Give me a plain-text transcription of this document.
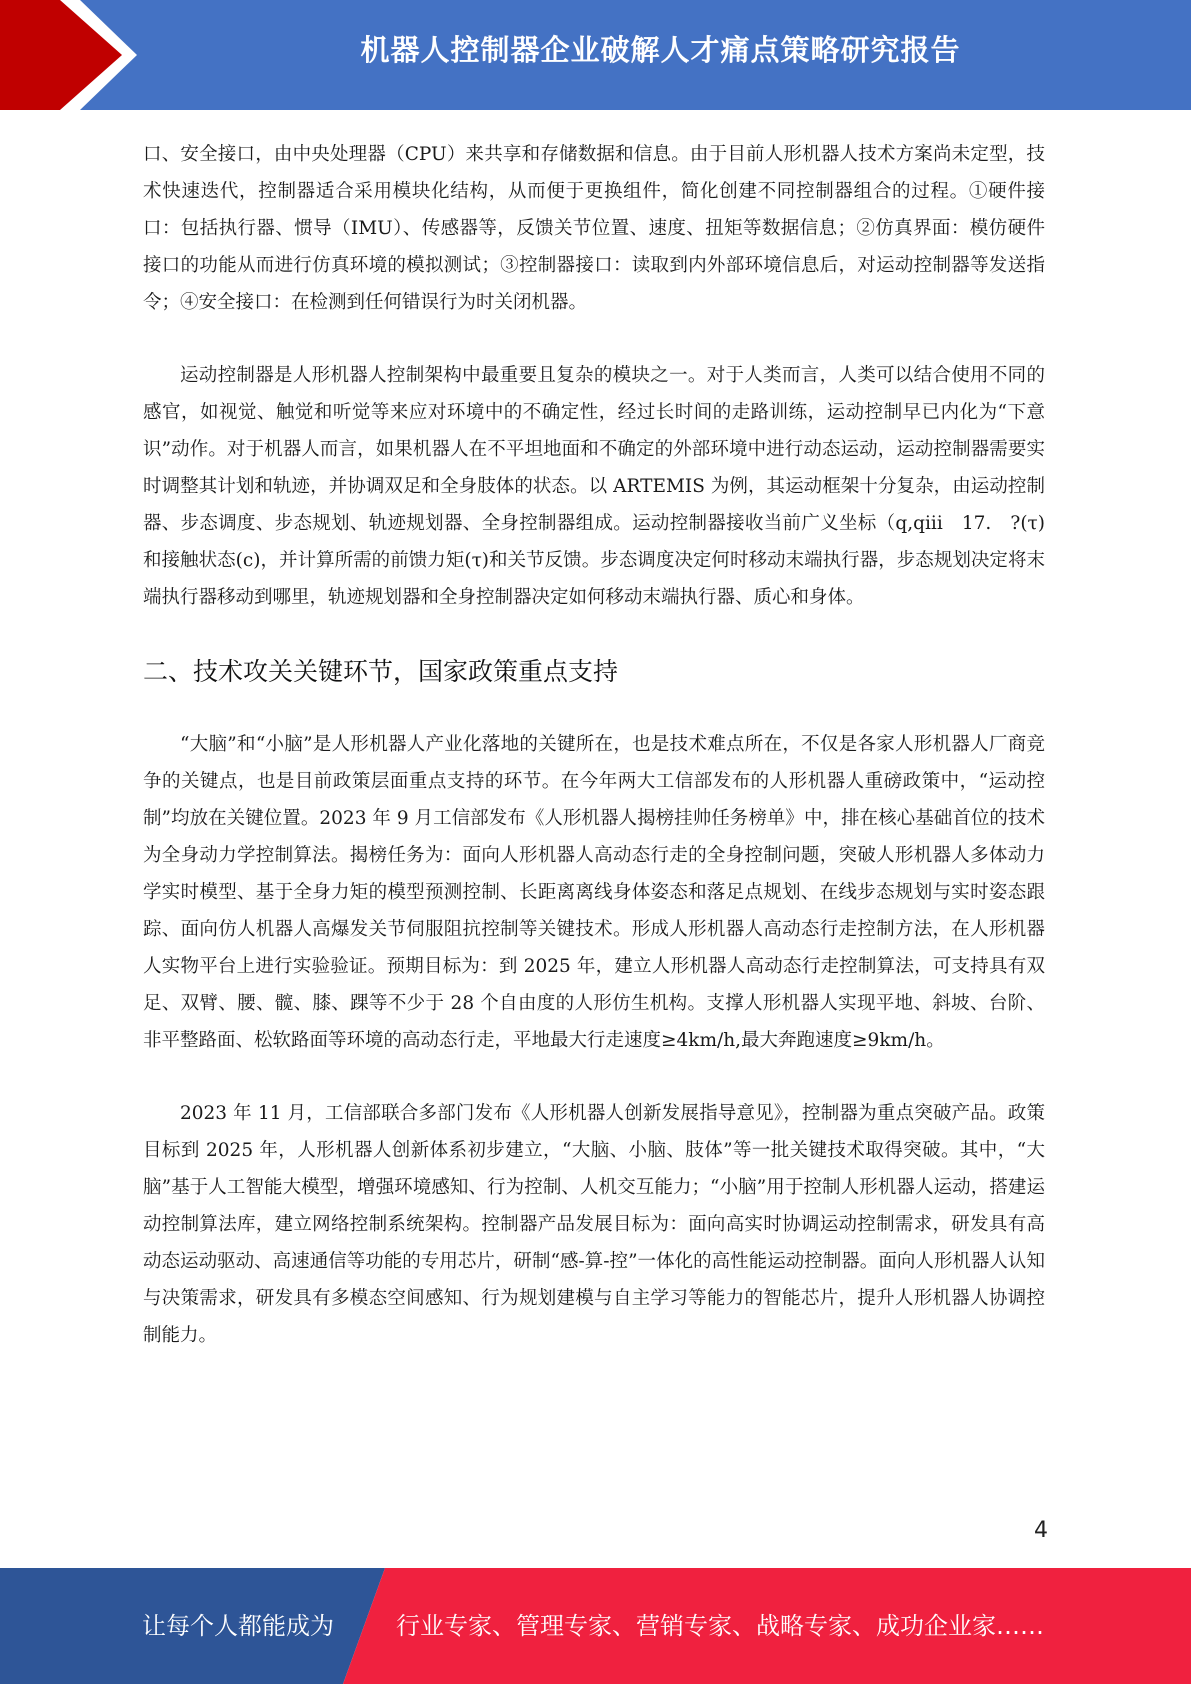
机器人控制器企业破解人才痛点策略研究报告

口、安全接口，由中央处理器（CPU）来共享和存储数据和信息。由于目前人形机器人技术方案尚未定型，技术快速迭代，控制器适合采用模块化结构，从而便于更换组件，简化创建不同控制器组合的过程。①硬件接口：包括执行器、惯导（IMU）、传感器等，反馈关节位置、速度、扭矩等数据信息；②仿真界面：模仿硬件接口的功能从而进行仿真环境的模拟测试；③控制器接口：读取到内外部环境信息后，对运动控制器等发送指令；④安全接口：在检测到任何错误行为时关闭机器。

运动控制器是人形机器人控制架构中最重要且复杂的模块之一。对于人类而言，人类可以结合使用不同的感官，如视觉、触觉和听觉等来应对环境中的不确定性，经过长时间的走路训练，运动控制早已内化为“下意识”动作。对于机器人而言，如果机器人在不平坦地面和不确定的外部环境中进行动态运动，运动控制器需要实时调整其计划和轨迹，并协调双足和全身肢体的状态。以 ARTEMIS 为例，其运动框架十分复杂，由运动控制器、步态调度、步态规划、轨迹规划器、全身控制器组成。运动控制器接收当前广义坐标（q,qiii　17.　?(τ)和接触状态(c)，并计算所需的前馈力矩(τ)和关节反馈。步态调度决定何时移动末端执行器，步态规划决定将末端执行器移动到哪里，轨迹规划器和全身控制器决定如何移动末端执行器、质心和身体。

二、技术攻关关键环节，国家政策重点支持

“大脑”和“小脑”是人形机器人产业化落地的关键所在，也是技术难点所在，不仅是各家人形机器人厂商竞争的关键点，也是目前政策层面重点支持的环节。在今年两大工信部发布的人形机器人重磅政策中，“运动控制”均放在关键位置。2023 年 9 月工信部发布《人形机器人揭榜挂帅任务榜单》中，排在核心基础首位的技术为全身动力学控制算法。揭榜任务为：面向人形机器人高动态行走的全身控制问题，突破人形机器人多体动力学实时模型、基于全身力矩的模型预测控制、长距离离线身体姿态和落足点规划、在线步态规划与实时姿态跟踪、面向仿人机器人高爆发关节伺服阻抗控制等关键技术。形成人形机器人高动态行走控制方法，在人形机器人实物平台上进行实验验证。预期目标为：到 2025 年，建立人形机器人高动态行走控制算法，可支持具有双足、双臂、腰、髋、膝、踝等不少于 28 个自由度的人形仿生机构。支撑人形机器人实现平地、斜坡、台阶、非平整路面、松软路面等环境的高动态行走，平地最大行走速度≥4km/h,最大奔跑速度≥9km/h。

2023 年 11 月，工信部联合多部门发布《人形机器人创新发展指导意见》，控制器为重点突破产品。政策目标到 2025 年，人形机器人创新体系初步建立，“大脑、小脑、肢体”等一批关键技术取得突破。其中，“大脑”基于人工智能大模型，增强环境感知、行为控制、人机交互能力；“小脑”用于控制人形机器人运动，搭建运动控制算法库，建立网络控制系统架构。控制器产品发展目标为：面向高实时协调运动控制需求，研发具有高动态运动驱动、高速通信等功能的专用芯片，研制“感-算-控”一体化的高性能运动控制器。面向人形机器人认知与决策需求，研发具有多模态空间感知、行为规划建模与自主学习等能力的智能芯片，提升人形机器人协调控制能力。

4
让每个人都能成为	行业专家、管理专家、营销专家、战略专家、成功企业家……
